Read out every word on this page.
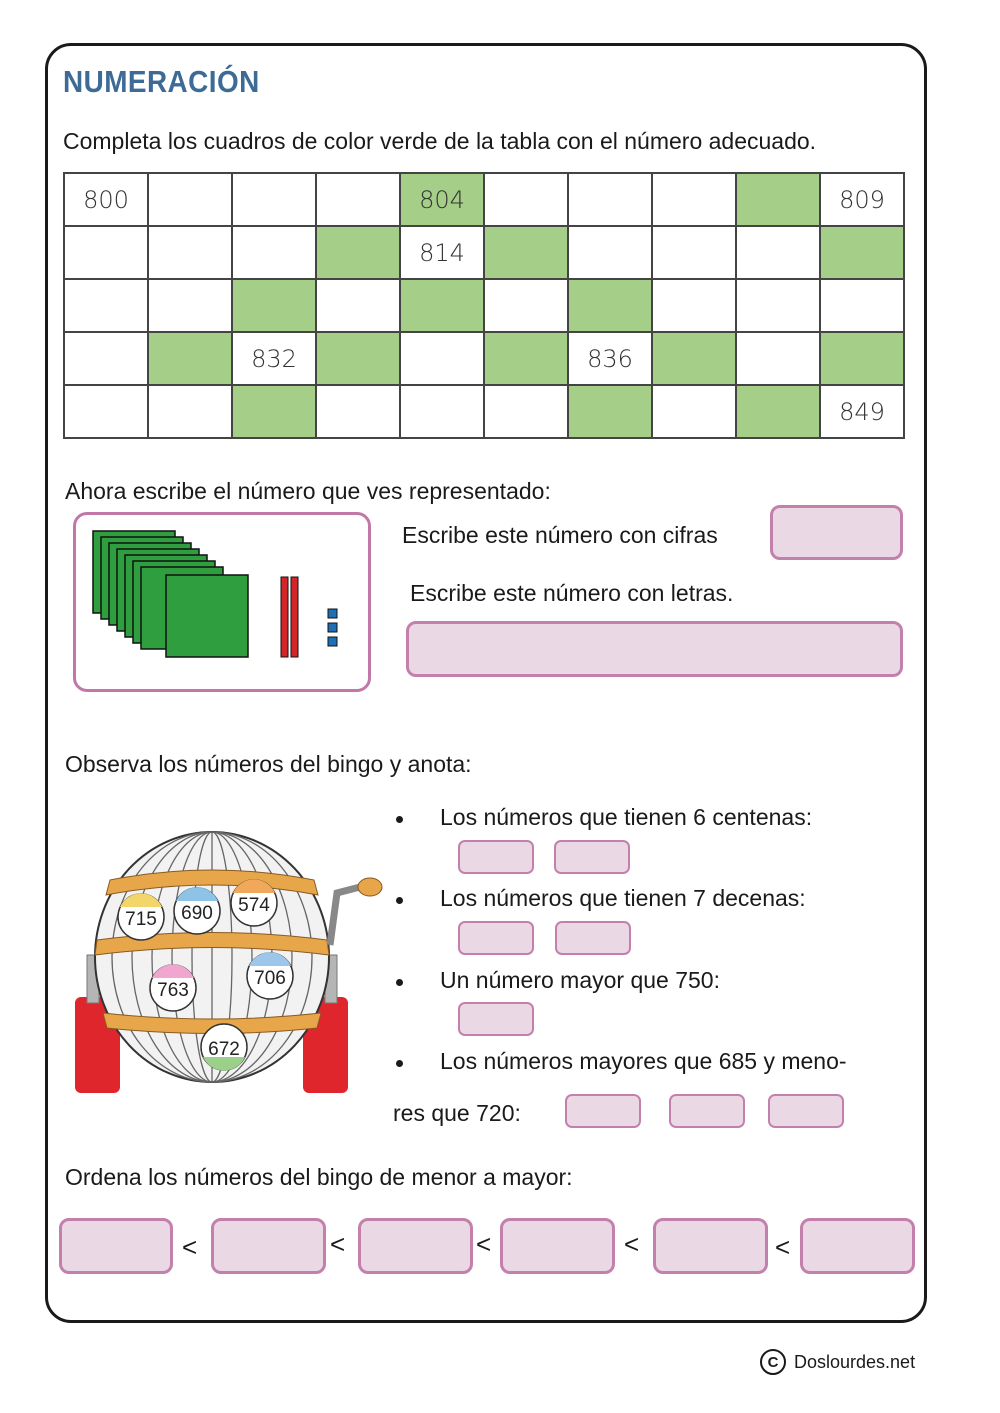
NUMERACIÓN
Completa los cuadros de color verde de la tabla con el número adecuado.
800				804					809
				814					

		832				836			
									849
Ahora escribe el número que ves representado:
Escribe este número con cifras
Escribe este número con letras.
Observa los números del bingo y anota:
715 690 574
763
706
672
Los números que tienen 6 centenas:
Los números que tienen 7 decenas:
Un número mayor que 750:
Los números mayores que 685 y meno-
res que 720:
Ordena los números del bingo de menor a mayor:
<	<	<	<	<
C Doslourdes.net
